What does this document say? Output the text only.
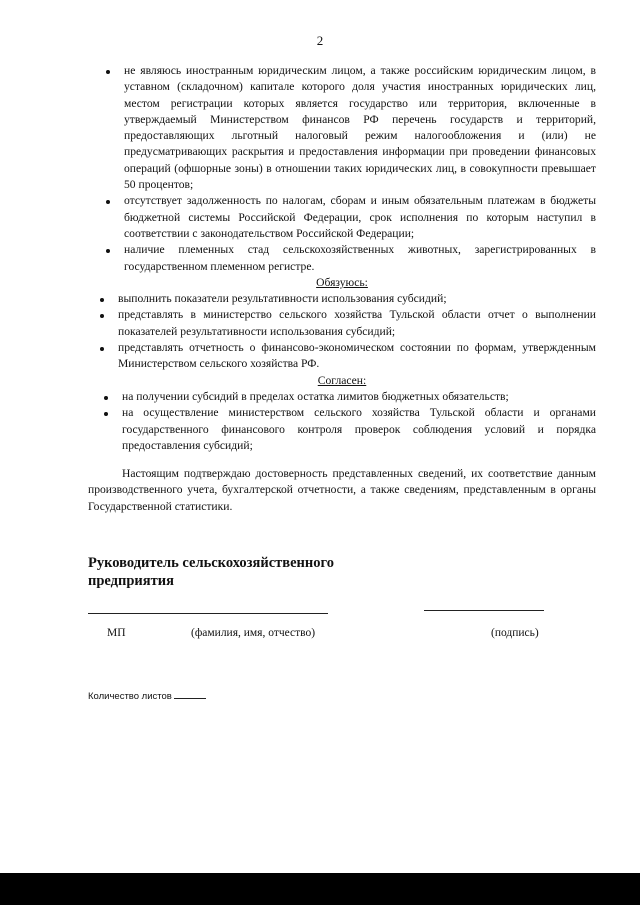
2
не являюсь иностранным юридическим лицом, а также российским юридическим лицом, в уставном (складочном) капитале которого доля участия иностранных юридических лиц, местом регистрации которых является государство или территория, включенные в утверждаемый Министерством финансов РФ перечень государств и территорий, предоставляющих льготный налоговый режим налогообложения и (или) не предусматривающих раскрытия и предоставления информации при проведении финансовых операций (офшорные зоны) в отношении таких юридических лиц, в совокупности превышает 50 процентов;
отсутствует задолженность по налогам, сборам и иным обязательным платежам в бюджеты бюджетной системы Российской Федерации, срок исполнения по которым наступил в соответствии с законодательством Российской Федерации;
наличие племенных стад сельскохозяйственных животных, зарегистрированных в государственном племенном регистре.

Обязуюсь:

выполнить показатели результативности использования субсидий;
представлять в министерство сельского хозяйства Тульской области отчет о выполнении показателей результативности использования субсидий;
представлять отчетность о финансово-экономическом состоянии по формам, утвержденным Министерством сельского хозяйства РФ.

Согласен:

на получении субсидий в пределах остатка лимитов бюджетных обязательств;
на осуществление министерством сельского хозяйства Тульской области и органами государственного финансового контроля проверок соблюдения условий и порядка предоставления субсидий;

Настоящим подтверждаю достоверность представленных сведений, их соответствие данным производственного учета, бухгалтерской отчетности, а также сведениям, представленным в органы Государственной статистики.

Руководитель сельскохозяйственного
предприятия
МП	(фамилия, имя, отчество)	(подпись)
Количество листов
